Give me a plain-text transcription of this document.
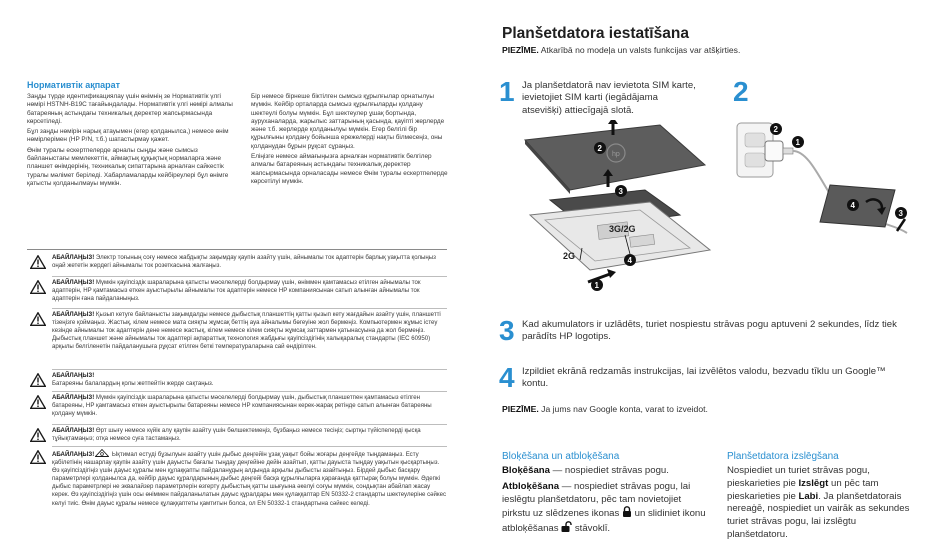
Нормативтік ақпарат

Заңды түрде идентификациялау үшін өнімнің зе Нормативтік үлгі нөмірі HSTNH-B19C тағайындалады. Нормативтік үлгі нөмірі алмалы батареяның астындағы техникалық деректер жапсырмасында көрсетіледі.

Бұл заңды нөмірін нарық атауымен (егер қолданылса,) немесе өнім нөмірлерімен (HP P/N, т.б.) шатастырмау қажет.

Өнім туралы ескертпелерде арналы сыңды және сымсыз байланыстағы мемлекеттік, аймақтық құқықтық нормаларға және планшет өнімдерінің, техникалық сипаттарына арналған сайкестік туралы мәлімет беріледі. Хабарламаларды кейбіреулері бұл өнімге қатысты қолданылмауы мүмкін.

Бір немесе бірнеше біктілген сымсыз құрылғылар орнатылуы мүмкін. Кейбір орталарда сымсыз құрылғыларды қолдану шектеулі болуы мүмкін. Бұл шектеулер ұшақ бортында, ауруханаларда, жарылыс заттарының қасында, қауіпті жерлерде және т.б. жерлерде қолданылуы мүмкін. Егер белгілі бір құрылғыны қолдану бойынша ережелерді нақты білмесеңіз, оны қолданудан бұрын рұқсат сұраңыз.

Еліңізге немесе аймағыңызға арналған нормативтік белгілер алмалы батареяның астындағы техникалық деректер жапсырмасында орналасады немесе Өнім туралы ескертпелерде көрсетілуі мүмкін.

АБАЙЛАҢЫЗ! Электр тоғының соғу немесе жабдықты зақымдау қаупін азайту үшін, айнымалы ток адаптерін барлық уақытта қолыңыз оңай жететін жердегі айнымалы ток розеткасына жалғаңыз.
АБАЙЛАҢЫЗ! Мүмкін қауіпсіздік шараларына қатысты мәселелерді болдырмау үшін, өніммен қамтамасыз етілген айнымалы ток адаптерін, HP қамтамасыз еткен ауыстырылы айнымалы ток адаптерін немесе HP компаниясынан сатып алынған айнымалы ток адаптерін ғана пайдаланыңыз.
АБАЙЛАҢЫЗ! Қызып кетуге байланысты зақымдалды немесе дыбыстық планшеттің қатты қызып кету жағдайын азайту үшін, планшетті тізеңізге қоймаңыз. Жастық, кілем немесе мата сияқты жұмсақ беттің ауа айналымы бөгеуіне жол бермеңіз. Компьютермен жұмыс істеу кезінде айнымалы ток адаптерін дене немесе жастық, кілем немесе кілем сияқты жұмсақ заттармен қатынасуына да жол бермеңіз. Дыбыстық планшет және айнымалы ток адаптері ақпараттық технология жабдығы қауіпсіздігінің халықаралық стандарты (IEC 60950) арқылы белгіленетін пайдаланушыға рұқсат етілген беткі температураларына сай өндірілген.
АБАЙЛАҢЫЗ!
Батареяны балалардың қолы жетпейтін жерде сақтаңыз.
АБАЙЛАҢЫЗ! Мүмкін қауіпсіздік шараларына қатысты мәселелерді болдырмау үшін, дыбыстық планшетпен қамтамасыз етілген батареяны, HP қамтамасыз еткен ауыстырылы батареяны немесе HP компаниясынан керек-жарақ ретінде сатып алынған батареяны қолдану мүмкін.
АБАЙЛАҢЫЗ! Өрт шығу немесе күйік алу қаупін азайту үшін бөлшектемеңіз, бұзбаңыз немесе тесіңіз; сыртқы түйіспелерді қысқа тұйықтамаңыз; отқа немесе суға тастамаңыз.
АБАЙЛАҢЫЗ!	Ықтимал естуді бұзылуын азайту үшін дыбыс деңгейін ұзақ уақыт бойы жоғары деңгейде тыңдамаңыз. Есту қабілетінің нашарлау қаупін азайту үшін дауысты бағалы тыңдау деңгейіне дейін азайтып, қатты дауыста тыңдау уақытын қысқартыңыз.
Өз қауіпсіздігіңіз үшін дауыс құралы мен құлаққапты пайдаланудың алдында арқылы дыбысты азайтыңыз. Бірдей дыбыс басқару параметрлері қолданылса да, кейбір дауыс құралдарының дыбыс деңгейі басқа құрылғыларға қарағанда қаттырақ болуы мүмкін. Әдепкі дыбыс параметрлері не эквалайзер параметрлерін өзгерту дыбыстың қатты шығуына әкелуі соғуы мүмкін, сондықтан абайлап жасау керек. Өз қауіпсіздігіңіз үшін осы өніммен пайдаланылатын дауыс құралдары мен құлаққаптар EN 50332-2 стандарты шектеулеріне сәйкес келуі тиіс. Өнім дауыс құралы немесе құлаққаптеты қамтитын болса, ол EN 50332-1 стандартына сәйкес келеді.
Planšetdatora iestatīšana
PIEZĪME. Atkarībā no modeļa un valsts funkcijas var atšķirties.
1 Ja planšetdatorā nav ievietota SIM karte, ievietojiet SIM karti (iegādājama atsevišķi) attiecīgajā slotā.
2
hp
2
3
4
1
2G
3G/2G
2
1
4
3
3 Kad akumulators ir uzlādēts, turiet nospiestu strāvas pogu aptuveni 2 sekundes, līdz tiek parādīts HP logotips.
4 Izpildiet ekrānā redzamās instrukcijas, lai izvēlētos valodu, bezvadu tīklu un Google™ kontu.
PIEZĪME. Ja jums nav Google konta, varat to izveidot.
Bloķēšana un atbloķēšana
Bloķēšana — nospiediet strāvas pogu.
Atbloķēšana — nospiediet strāvas pogu, lai ieslēgtu planšetdatoru, pēc tam novietojiet pirkstu uz slēdzenes ikonas  un slidiniet ikonu atbloķēšanas  stāvoklī.
Planšetdatora izslēgšana
Nospiediet un turiet strāvas pogu, pieskarieties pie Izslēgt un pēc tam pieskarieties pie Labi. Ja planšetdatorais nereaģē, nospiediet un vairāk as sekundes turiet strāvas pogu, lai izslēgtu planšetdatoru.
